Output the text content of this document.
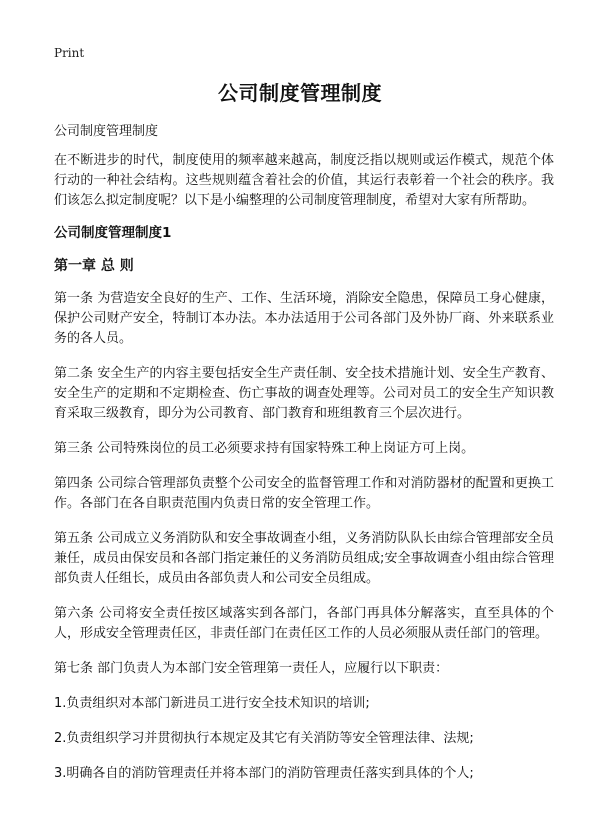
Print
公司制度管理制度
公司制度管理制度

在不断进步的时代，制度使用的频率越来越高，制度泛指以规则或运作模式，规范个体行动的一种社会结构。这些规则蕴含着社会的价值，其运行表彰着一个社会的秩序。我们该怎么拟定制度呢？以下是小编整理的公司制度管理制度，希望对大家有所帮助。

公司制度管理制度1
第一章 总 则

第一条 为营造安全良好的生产、工作、生活环境，消除安全隐患，保障员工身心健康，保护公司财产安全，特制订本办法。本办法适用于公司各部门及外协厂商、外来联系业务的各人员。

第二条 安全生产的内容主要包括安全生产责任制、安全技术措施计划、安全生产教育、安全生产的定期和不定期检查、伤亡事故的调查处理等。公司对员工的安全生产知识教育采取三级教育，即分为公司教育、部门教育和班组教育三个层次进行。

第三条 公司特殊岗位的员工必须要求持有国家特殊工种上岗证方可上岗。

第四条 公司综合管理部负责整个公司安全的监督管理工作和对消防器材的配置和更换工作。各部门在各自职责范围内负责日常的安全管理工作。

第五条 公司成立义务消防队和安全事故调查小组，义务消防队队长由综合管理部安全员兼任，成员由保安员和各部门指定兼任的义务消防员组成;安全事故调查小组由综合管理部负责人任组长，成员由各部负责人和公司安全员组成。

第六条 公司将安全责任按区域落实到各部门，各部门再具体分解落实，直至具体的个人，形成安全管理责任区，非责任部门在责任区工作的人员必须服从责任部门的管理。

第七条 部门负责人为本部门安全管理第一责任人，应履行以下职责：

1.负责组织对本部门新进员工进行安全技术知识的培训;

2.负责组织学习并贯彻执行本规定及其它有关消防等安全管理法律、法规;

3.明确各自的消防管理责任并将本部门的消防管理责任落实到具体的个人;
